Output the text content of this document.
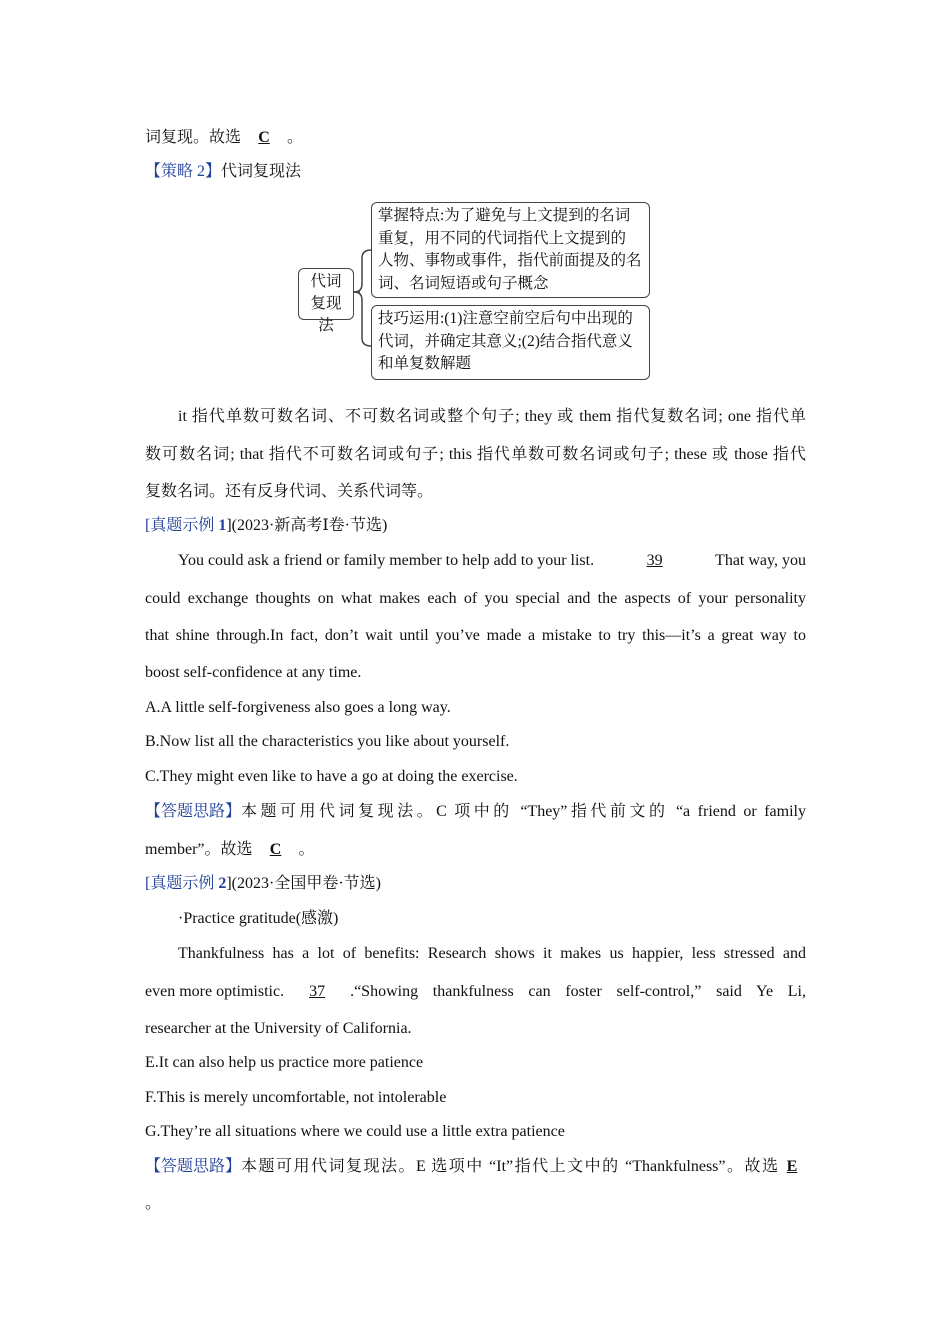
词复现。故选 C 。
【策略 2】代词复现法
代词
复现法
掌握特点:为了避免与上文提到的名词
重复，用不同的代词指代上文提到的
人物、事物或事件，指代前面提及的名
词、名词短语或句子概念
技巧运用:(1)注意空前空后句中出现的
代词，并确定其意义;(2)结合指代意义
和单复数解题
it 指代单数可数名词、不可数名词或整个句子; they 或 them 指代复数名词; one 指代单
数可数名词; that 指代不可数名词或句子; this 指代单数可数名词或句子; these 或 those 指代
复数名词。还有反身代词、关系代词等。
[真题示例 1](2023·新高考Ⅰ卷·节选)
You could ask a friend or family member to help add to your list.	39	That way, you
could exchange thoughts on what makes each of you special and the aspects of your personality
that shine through.In fact, don’t wait until you’ve made a mistake to try this—it’s a great way to
boost self-confidence at any time.
A.A little self-forgiveness also goes a long way.
B.Now list all the characteristics you like about yourself.
C.They might even like to have a go at doing the exercise.
【答题思路】 本题可用代词复现法。C 项中的 “They”指代前文的 “a friend or family
member”。故选 C 。
[真题示例 2](2023·全国甲卷·节选)
·Practice gratitude(感激)
Thankfulness has a lot of benefits: Research shows it makes us happier, less stressed and
even more optimistic.	37	.“Showing thankfulness can foster self-control,” said Ye Li,
researcher at the University of California.
E.It can also help us practice more patience
F.This is merely uncomfortable, not intolerable
G.They’re all situations where we could use a little extra patience
【答题思路】 本题可用代词复现法。E 选项中 “It”指代上文中的 “Thankfulness”。故选 E
。
